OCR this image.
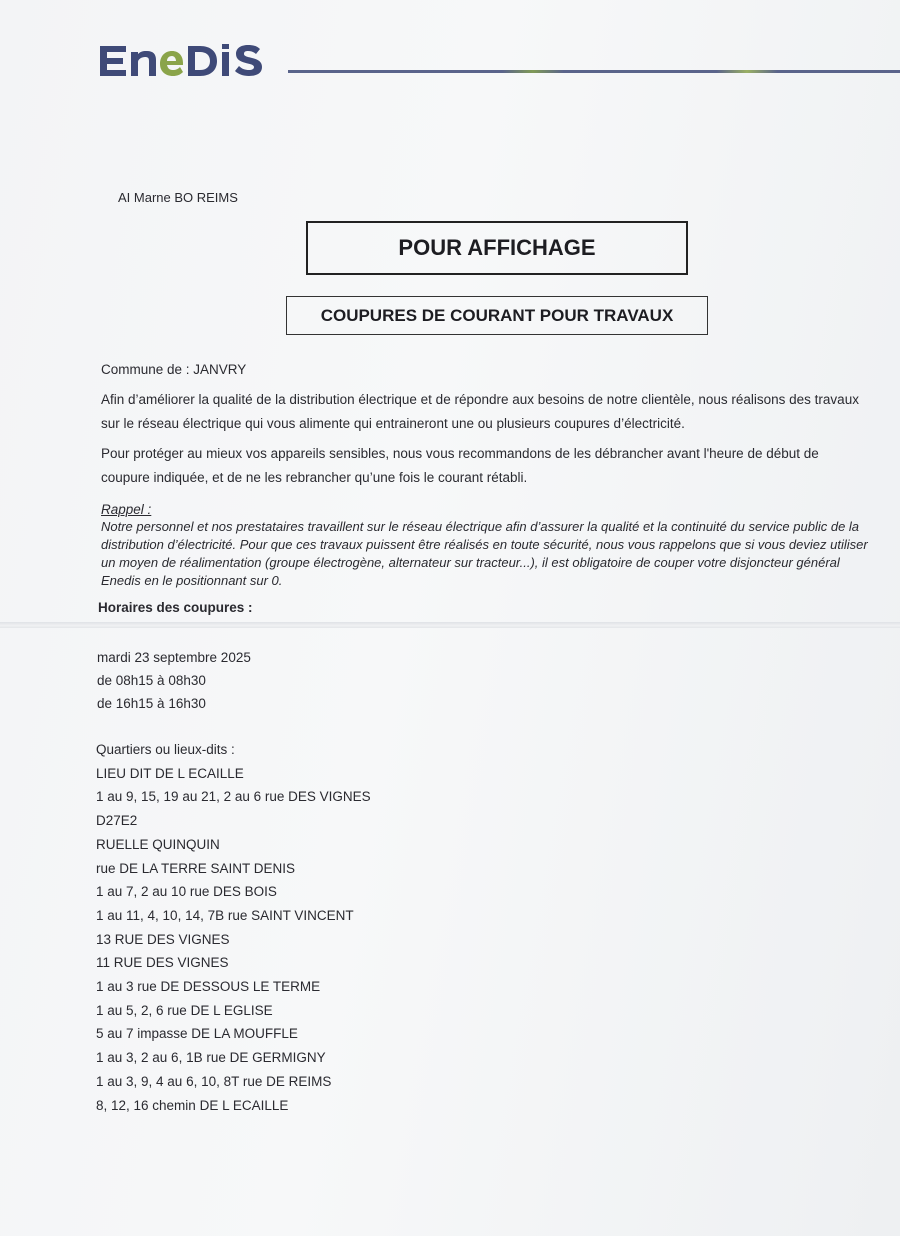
AI Marne BO REIMS
POUR AFFICHAGE
COUPURES DE COURANT POUR TRAVAUX
Commune de : JANVRY
Afin d’améliorer la qualité de la distribution électrique et de répondre aux besoins de notre clientèle, nous réalisons des travaux sur le réseau électrique qui vous alimente qui entraineront une ou plusieurs coupures d’électricité.
Pour protéger au mieux vos appareils sensibles, nous vous recommandons de les débrancher avant l'heure de début de coupure indiquée, et de ne les rebrancher qu’une fois le courant rétabli.
Rappel :
Notre personnel et nos prestataires travaillent sur le réseau électrique afin d’assurer la qualité et la continuité du service public de la distribution d’électricité. Pour que ces travaux puissent être réalisés en toute sécurité, nous vous rappelons que si vous deviez utiliser un moyen de réalimentation (groupe électrogène, alternateur sur tracteur...), il est obligatoire de couper votre disjoncteur général Enedis en le positionnant sur 0.
Horaires des coupures :
mardi 23 septembre 2025
de 08h15 à 08h30
de 16h15 à 16h30
Quartiers ou lieux-dits :
LIEU DIT DE L ECAILLE
1 au 9, 15, 19 au 21, 2 au 6 rue DES VIGNES
D27E2
RUELLE QUINQUIN
rue DE LA TERRE SAINT DENIS
1 au 7, 2 au 10 rue DES BOIS
1 au 11, 4, 10, 14, 7B rue SAINT VINCENT
13 RUE DES VIGNES
11 RUE DES VIGNES
1 au 3 rue DE DESSOUS LE TERME
1 au 5, 2, 6 rue DE L EGLISE
5 au 7 impasse DE LA MOUFFLE
1 au 3, 2 au 6, 1B rue DE GERMIGNY
1 au 3, 9, 4 au 6, 10, 8T rue DE REIMS
8, 12, 16 chemin DE L ECAILLE
